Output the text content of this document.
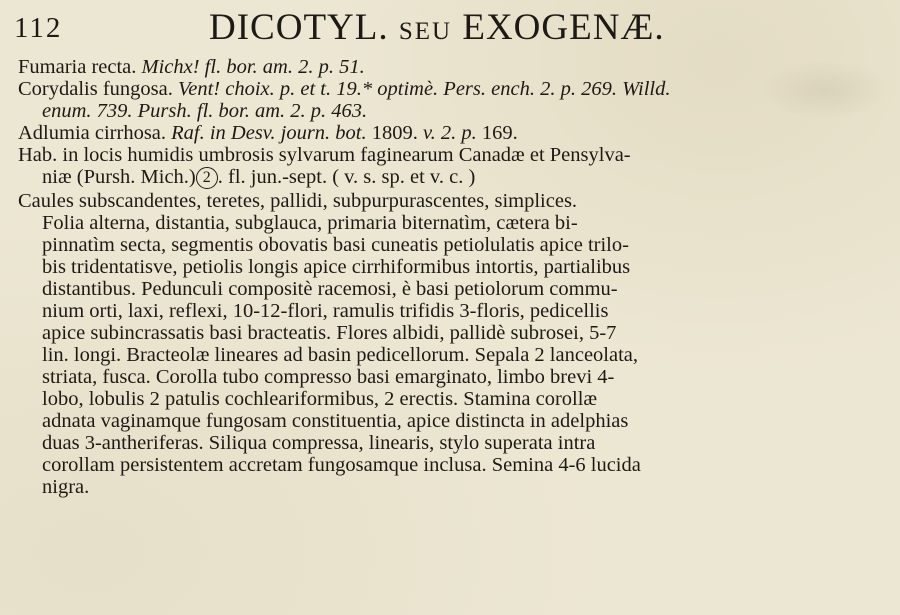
112	DICOTYL. SEU EXOGENÆ.
Fumaria recta. Michx! fl. bor. am. 2. p. 51.
Corydalis fungosa. Vent! choix. p. et t. 19.* optimè. Pers. ench. 2. p. 269. Willd.
enum. 739. Pursh. fl. bor. am. 2. p. 463.
Adlumia cirrhosa. Raf. in Desv. journ. bot. 1809. v. 2. p. 169.
Hab. in locis humidis umbrosis sylvarum faginearum Canadæ et Pensylva-
niæ (Pursh. Mich.) 2 . fl. jun.-sept. ( v. s. sp. et v. c. )
Caules subscandentes, teretes, pallidi, subpurpurascentes, simplices.
Folia alterna, distantia, subglauca, primaria biternatìm, cætera bi-
pinnatìm secta, segmentis obovatis basi cuneatis petiolulatis apice trilo-
bis tridentatisve, petiolis longis apice cirrhiformibus intortis, partialibus
distantibus. Pedunculi compositè racemosi, è basi petiolorum commu-
nium orti, laxi, reflexi, 10-12-flori, ramulis trifidis 3-floris, pedicellis
apice subincrassatis basi bracteatis. Flores albidi, pallidè subrosei, 5-7
lin. longi. Bracteolæ lineares ad basin pedicellorum. Sepala 2 lanceolata,
striata, fusca. Corolla tubo compresso basi emarginato, limbo brevi 4-
lobo, lobulis 2 patulis cochleariformibus, 2 erectis. Stamina corollæ
adnata vaginamque fungosam constituentia, apice distincta in adelphias
duas 3-antheriferas. Siliqua compressa, linearis, stylo superata intra
corollam persistentem accretam fungosamque inclusa. Semina 4-6 lucida
nigra.
